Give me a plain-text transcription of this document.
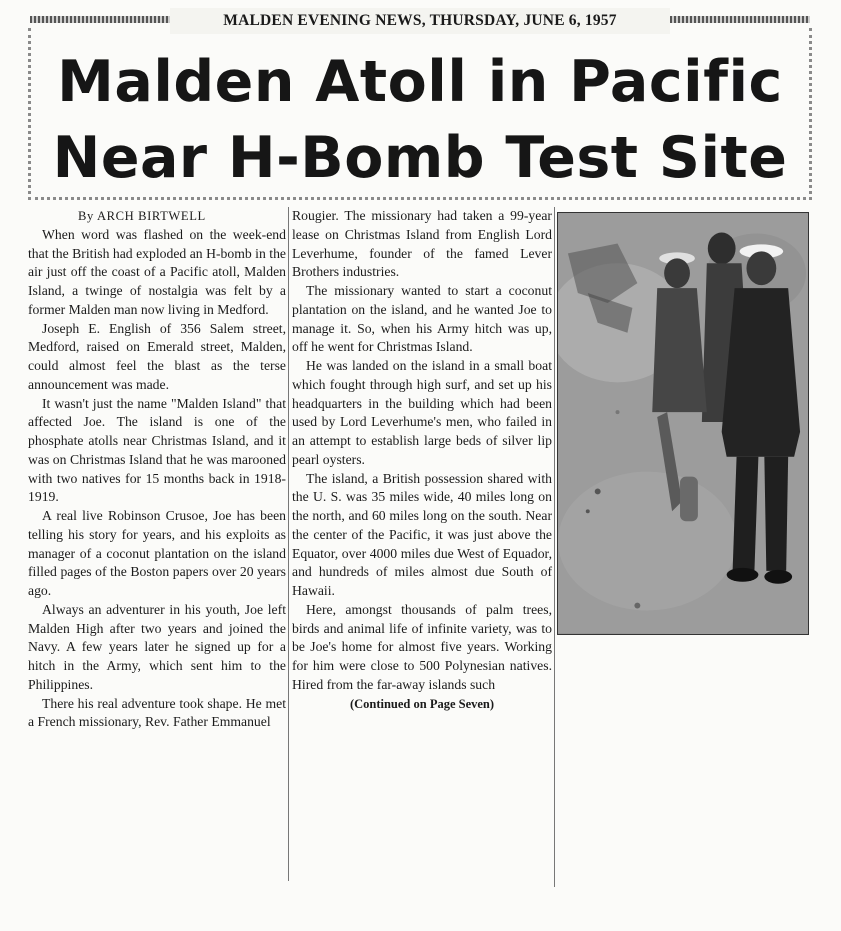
MALDEN EVENING NEWS, THURSDAY, JUNE 6, 1957
Malden Atoll in Pacific
Near H-Bomb Test Site

By ARCH BIRTWELL

When word was flashed on the week-end that the British had exploded an H-bomb in the air just off the coast of a Pacific atoll, Malden Island, a twinge of nostalgia was felt by a former Malden man now living in Medford.

Joseph E. English of 356 Salem street, Medford, raised on Emerald street, Malden, could almost feel the blast as the terse announcement was made.

It wasn't just the name "Malden Island" that affected Joe. The island is one of the phosphate atolls near Christmas Island, and it was on Christmas Island that he was marooned with two natives for 15 months back in 1918-1919.

A real live Robinson Crusoe, Joe has been telling his story for years, and his exploits as manager of a coconut plantation on the island filled pages of the Boston papers over 20 years ago.

Always an adventurer in his youth, Joe left Malden High after two years and joined the Navy. A few years later he signed up for a hitch in the Army, which sent him to the Philippines.

There his real adventure took shape. He met a French missionary, Rev. Father Emmanuel

Rougier. The missionary had taken a 99-year lease on Christmas Island from English Lord Leverhume, founder of the famed Lever Brothers industries.

The missionary wanted to start a coconut plantation on the island, and he wanted Joe to manage it. So, when his Army hitch was up, off he went for Christmas Island.

He was landed on the island in a small boat which fought through high surf, and set up his headquarters in the building which had been used by Lord Leverhume's men, who failed in an attempt to establish large beds of silver lip pearl oysters.

The island, a British possession shared with the U. S. was 35 miles wide, 40 miles long on the north, and 60 miles long on the south. Near the center of the Pacific, it was just above the Equator, over 4000 miles due West of Equador, and hundreds of miles almost due South of Hawaii.

Here, amongst thousands of palm trees, birds and animal life of infinite variety, was to be Joe's home for almost five years. Working for him were close to 500 Polynesian natives. Hired from the far-away islands such

(Continued on Page Seven)
